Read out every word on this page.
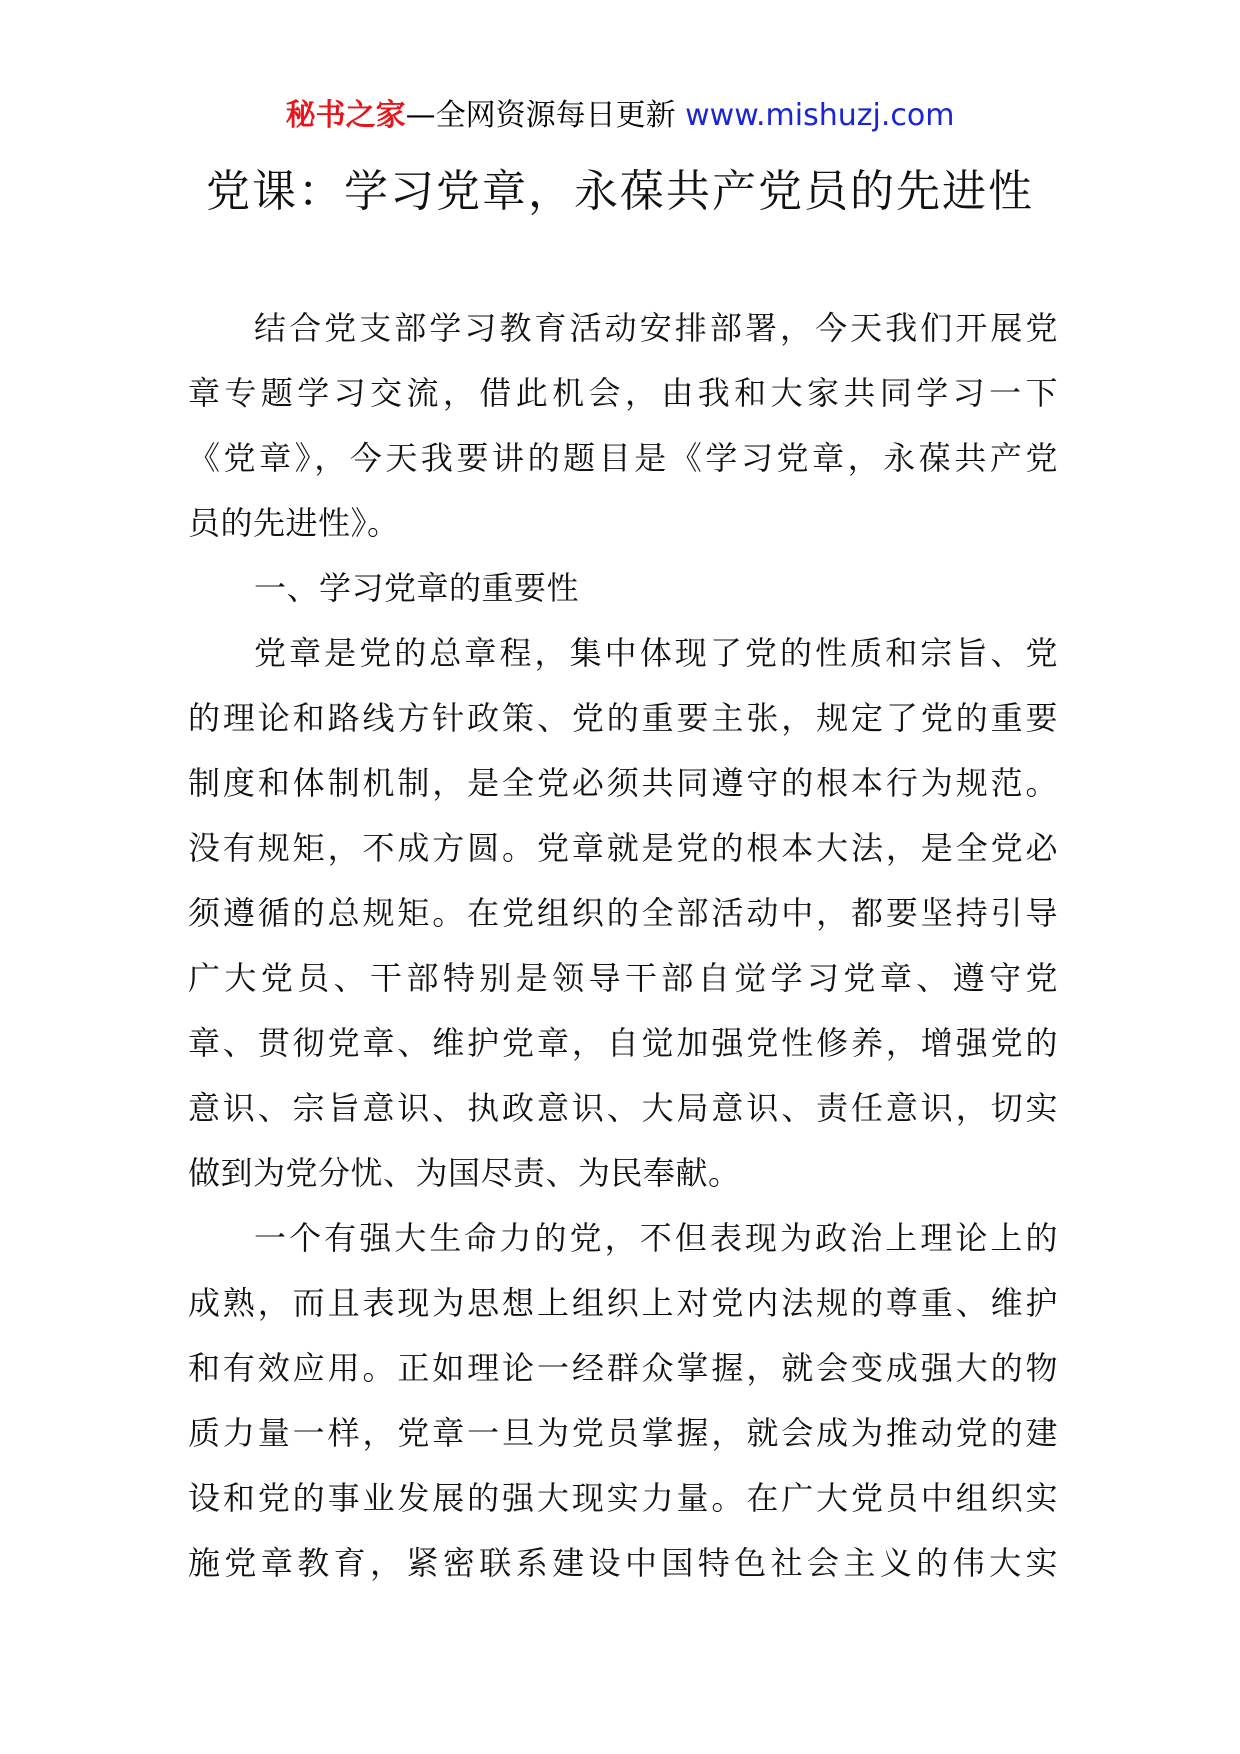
秘书之家—全网资源每日更新 www.mishuzj.com
党课：学习党章，永葆共产党员的先进性
结合党支部学习教育活动安排部署，今天我们开展党
章专题学习交流，借此机会，由我和大家共同学习一下
《党章》，今天我要讲的题目是《学习党章，永葆共产党
员的先进性》。
一、学习党章的重要性
党章是党的总章程，集中体现了党的性质和宗旨、党
的理论和路线方针政策、党的重要主张，规定了党的重要
制度和体制机制，是全党必须共同遵守的根本行为规范。
没有规矩，不成方圆。党章就是党的根本大法，是全党必
须遵循的总规矩。在党组织的全部活动中，都要坚持引导
广大党员、干部特别是领导干部自觉学习党章、遵守党
章、贯彻党章、维护党章，自觉加强党性修养，增强党的
意识、宗旨意识、执政意识、大局意识、责任意识，切实
做到为党分忧、为国尽责、为民奉献。
一个有强大生命力的党，不但表现为政治上理论上的
成熟，而且表现为思想上组织上对党内法规的尊重、维护
和有效应用。正如理论一经群众掌握，就会变成强大的物
质力量一样，党章一旦为党员掌握，就会成为推动党的建
设和党的事业发展的强大现实力量。在广大党员中组织实
施党章教育，紧密联系建设中国特色社会主义的伟大实
